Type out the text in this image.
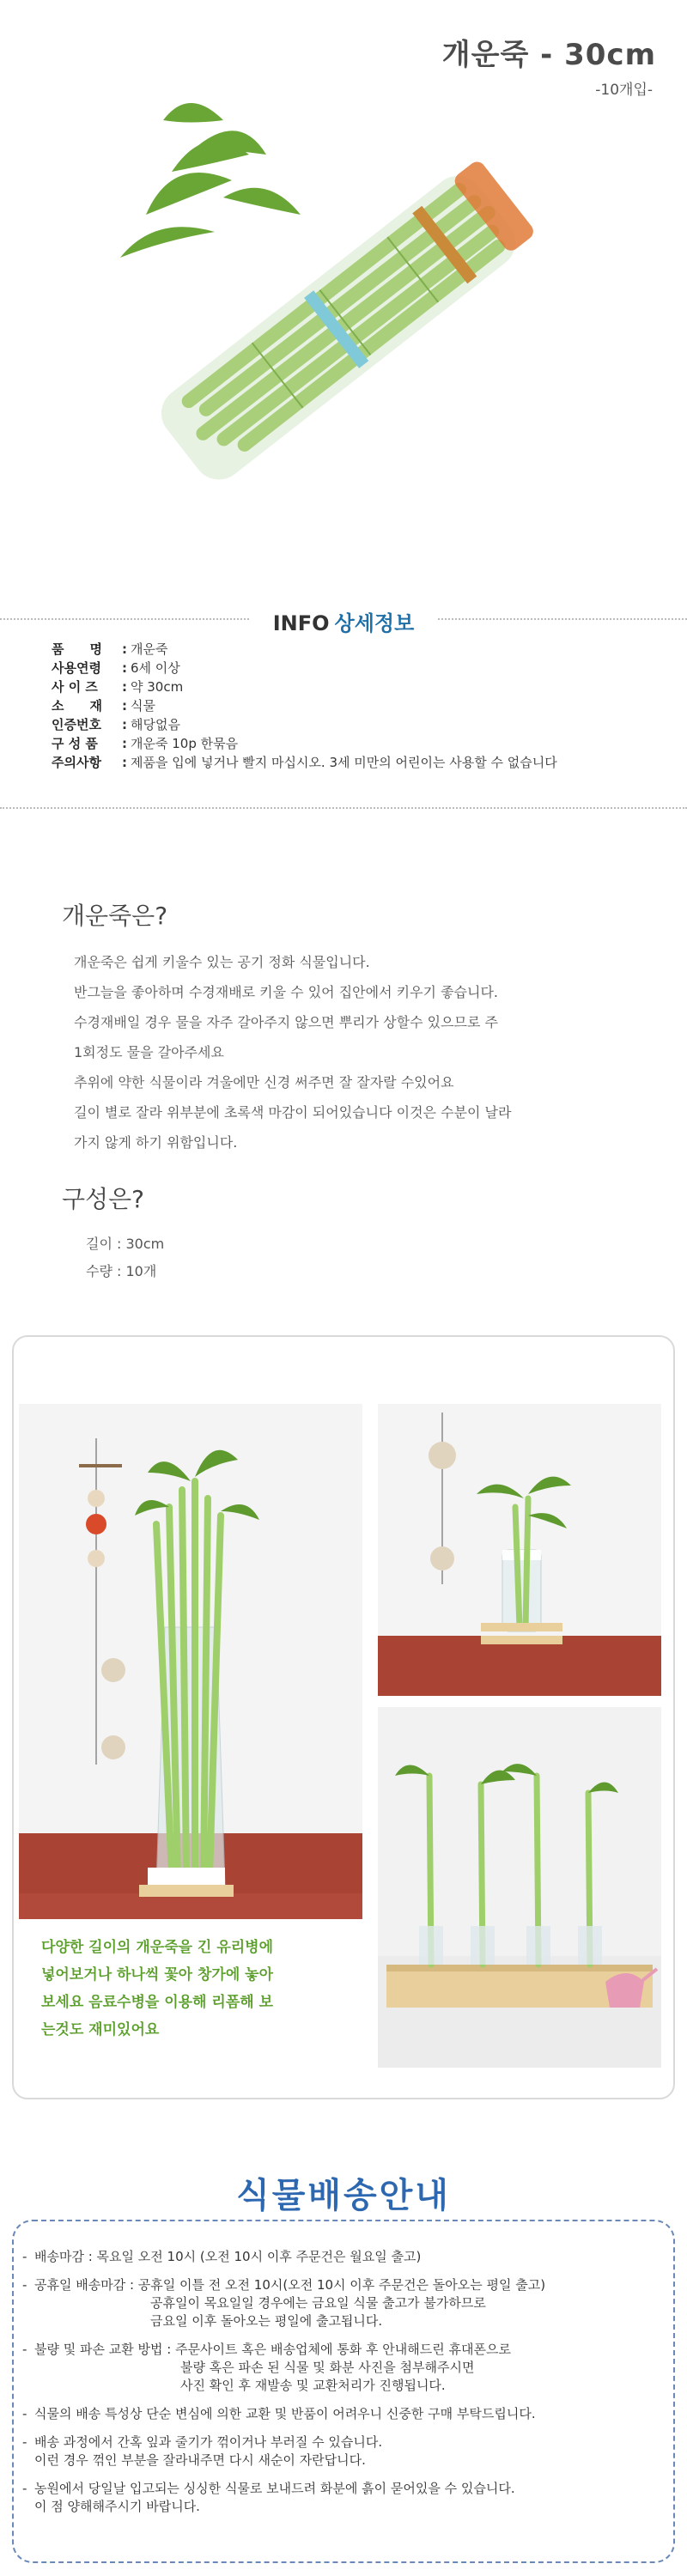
개운죽 - 30cm
-10개입-
INFO 상세정보
품　　명	: 개운죽
사용연령	: 6세 이상
사 이 즈	: 약 30cm
소　　재	: 식물
인증번호	: 해당없음
구 성 품	: 개운죽 10p 한묶음
주의사항	: 제품을 입에 넣거나 빨지 마십시오. 3세 미만의 어린이는 사용할 수 없습니다
개운죽은?

개운죽은 쉽게 키울수 있는 공기 정화 식물입니다.

반그늘을 좋아하며 수경재배로 키울 수 있어 집안에서 키우기 좋습니다.

수경재배일 경우 물을 자주 갈아주지 않으면 뿌리가 상할수 있으므로 주

1회정도 물을 갈아주세요

추위에 약한 식물이라 겨울에만 신경 써주면 잘 잘자랄 수있어요

길이 별로 잘라 위부분에 초록색 마감이 되어있습니다 이것은 수분이 날라

가지 않게 하기 위함입니다.

구성은?
길이 : 30cm
수량 : 10개
다양한 길이의 개운죽을 긴 유리병에
넣어보거나 하나씩 꽃아 창가에 놓아
보세요 음료수병을 이용해 리폼해 보
는것도 재미있어요
식물배송안내
- 배송마감 : 목요일 오전 10시 (오전 10시 이후 주문건은 월요일 출고)
- 공휴일 배송마감 : 공휴일 이틀 전 오전 10시(오전 10시 이후 주문건은 돌아오는 평일 출고)
공휴일이 목요일일 경우에는 금요일 식물 출고가 불가하므로
금요일 이후 돌아오는 평일에 출고됩니다.
- 불량 및 파손 교환 방법 : 주문사이트 혹은 배송업체에 통화 후 안내해드린 휴대폰으로
불량 혹은 파손 된 식물 및 화분 사진을 첨부해주시면
사진 확인 후 재발송 및 교환처리가 진행됩니다.
- 식물의 배송 특성상 단순 변심에 의한 교환 및 반품이 어려우니 신중한 구매 부탁드립니다.
- 배송 과정에서 간혹 잎과 줄기가 꺾이거나 부러질 수 있습니다.
이런 경우 꺾인 부분을 잘라내주면 다시 새순이 자란답니다.
- 농원에서 당일날 입고되는 싱싱한 식물로 보내드려 화분에 흙이 묻어있을 수 있습니다.
이 점 양해해주시기 바랍니다.
